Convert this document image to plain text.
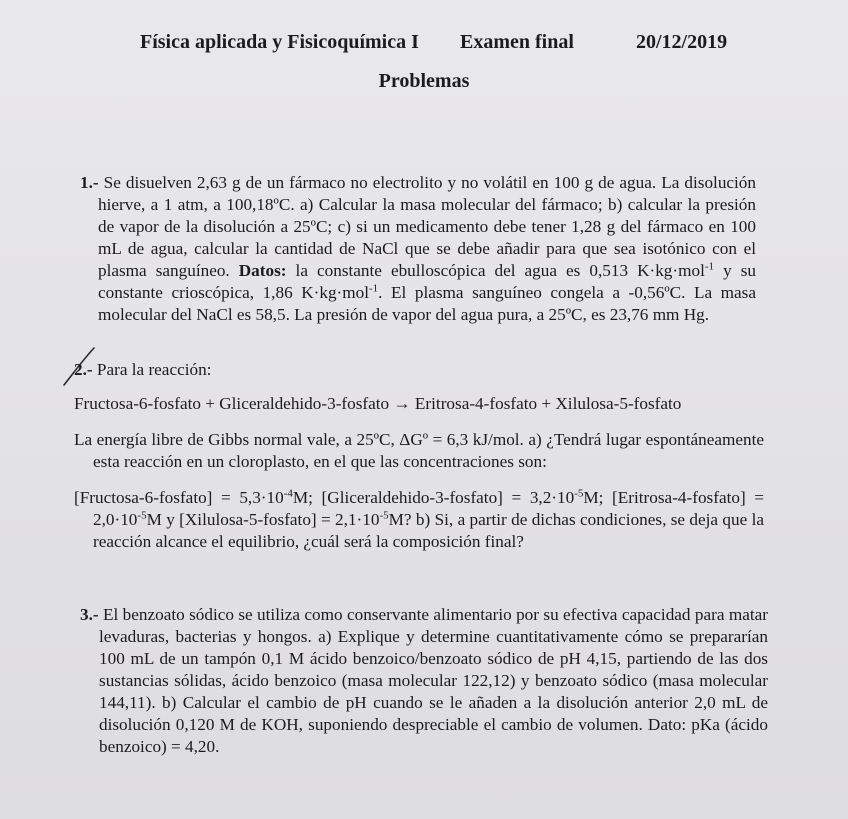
Física aplicada y Fisicoquímica I Examen final	20/12/2019
Problemas

1.- Se disuelven 2,63 g de un fármaco no electrolito y no volátil en 100 g de agua. La disolución hierve, a 1 atm, a 100,18ºC. a) Calcular la masa molecular del fármaco; b) calcular la presión de vapor de la disolución a 25ºC; c) si un medicamento debe tener 1,28 g del fármaco en 100 mL de agua, calcular la cantidad de NaCl que se debe añadir para que sea isotónico con el plasma sanguíneo. Datos: la constante ebulloscópica del agua es 0,513 K·kg·mol$^{-1}$ y su constante crioscópica, 1,86 K·kg·mol$^{-1}$. El plasma sanguíneo congela a -0,56ºC. La masa molecular del NaCl es 58,5. La presión de vapor del agua pura, a 25ºC, es 23,76 mm Hg.

2.- Para la reacción:

Fructosa-6-fosfato + Gliceraldehido-3-fosfato → Eritrosa-4-fosfato + Xilulosa-5-fosfato

La energía libre de Gibbs normal vale, a 25ºC, ΔGº = 6,3 kJ/mol. a) ¿Tendrá lugar espontáneamente esta reacción en un cloroplasto, en el que las concentraciones son:

[Fructosa-6-fosfato] = $5,3\cdot 10^{-4}M$; [Gliceraldehido-3-fosfato] = $3,2\cdot 10^{-5}M$; [Eritrosa-4-fosfato] = $2,0\cdot 10^{-5}M$ y [Xilulosa-5-fosfato] = $2,1\cdot 10^{-5}M$? b) Si, a partir de dichas condiciones, se deja que la reacción alcance el equilibrio, ¿cuál será la composición final?

3.- El benzoato sódico se utiliza como conservante alimentario por su efectiva capacidad para matar levaduras, bacterias y hongos. a) Explique y determine cuantitativamente cómo se prepararían 100 mL de un tampón 0,1 M ácido benzoico/benzoato sódico de pH 4,15, partiendo de las dos sustancias sólidas, ácido benzoico (masa molecular 122,12) y benzoato sódico (masa molecular 144,11). b) Calcular el cambio de pH cuando se le añaden a la disolución anterior 2,0 mL de disolución 0,120 M de KOH, suponiendo despreciable el cambio de volumen. Dato: pKa (ácido benzoico) = 4,20.
